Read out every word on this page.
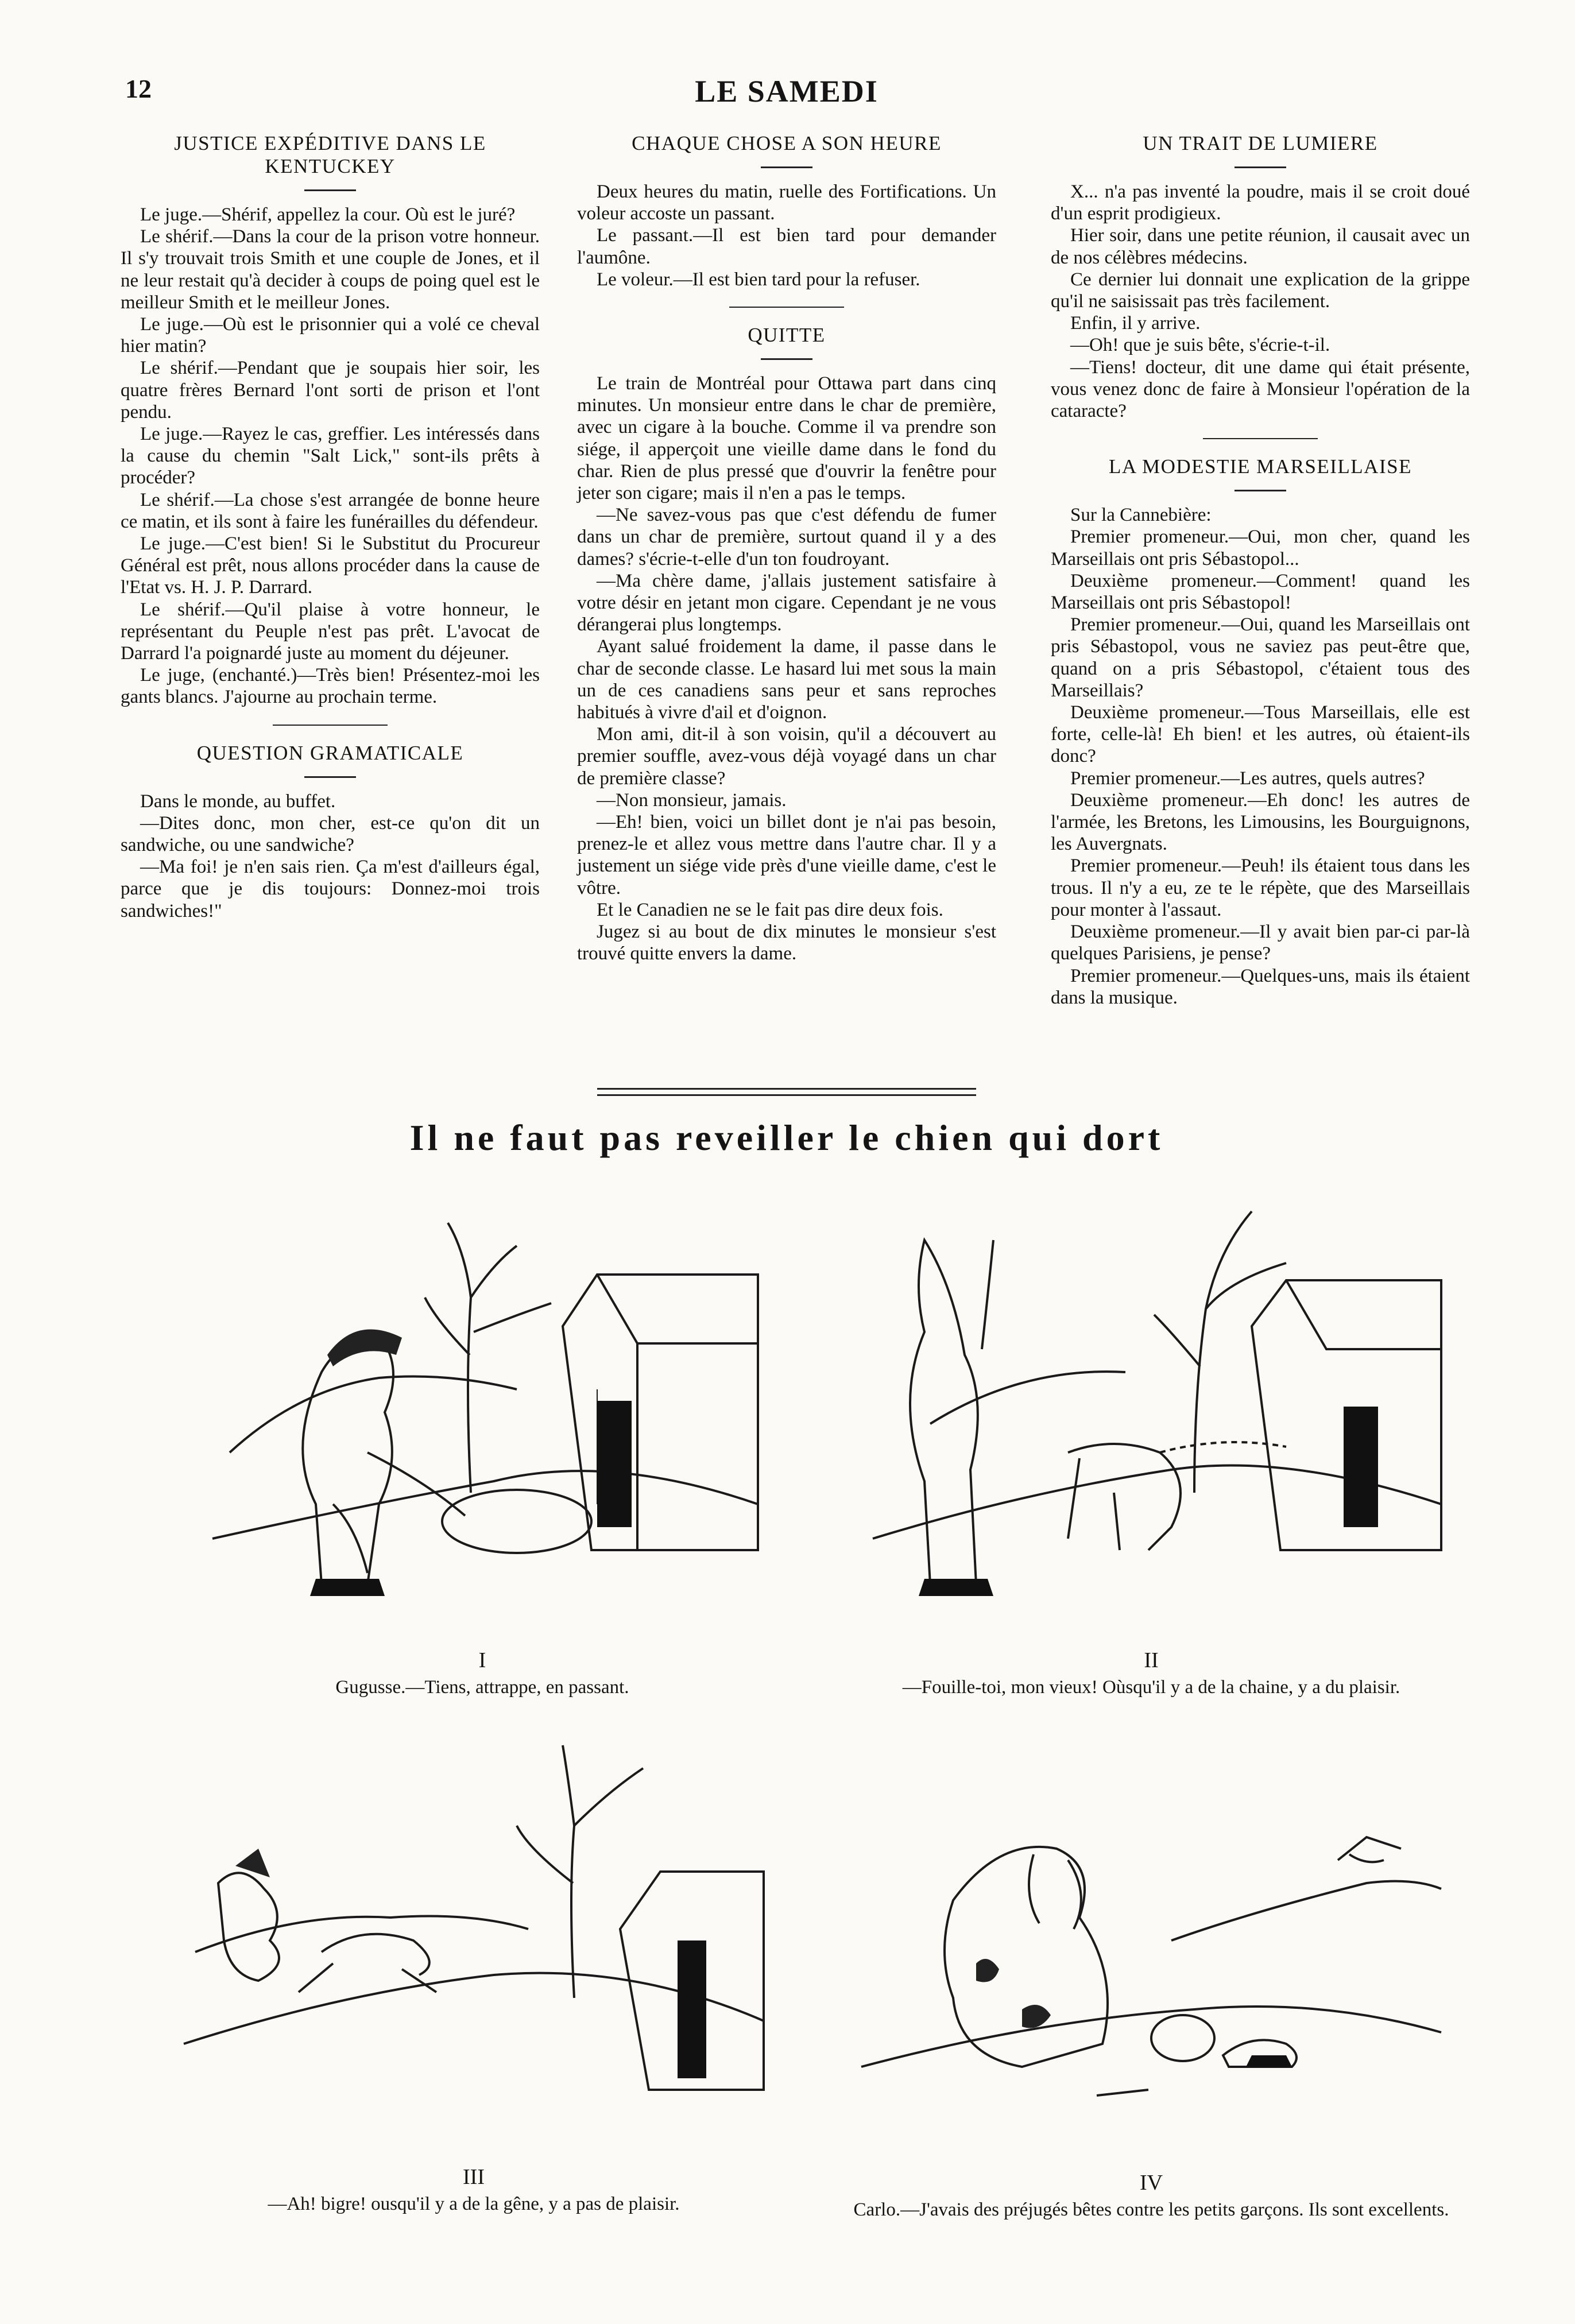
12	LE SAMEDI
JUSTICE EXPÉDITIVE DANS LE KENTUCKEY

Le juge.—Shérif, appellez la cour. Où est le juré?

Le shérif.—Dans la cour de la prison votre honneur. Il s'y trouvait trois Smith et une couple de Jones, et il ne leur restait qu'à decider à coups de poing quel est le meilleur Smith et le meilleur Jones.

Le juge.—Où est le prisonnier qui a volé ce cheval hier matin?

Le shérif.—Pendant que je soupais hier soir, les quatre frères Bernard l'ont sorti de prison et l'ont pendu.

Le juge.—Rayez le cas, greffier. Les intéressés dans la cause du chemin "Salt Lick," sont-ils prêts à procéder?

Le shérif.—La chose s'est arrangée de bonne heure ce matin, et ils sont à faire les funérailles du défendeur.

Le juge.—C'est bien! Si le Substitut du Procureur Général est prêt, nous allons procéder dans la cause de l'Etat vs. H. J. P. Darrard.

Le shérif.—Qu'il plaise à votre honneur, le représentant du Peuple n'est pas prêt. L'avocat de Darrard l'a poignardé juste au moment du déjeuner.

Le juge, (enchanté.)—Très bien! Présentez-moi les gants blancs. J'ajourne au prochain terme.

QUESTION GRAMATICALE

Dans le monde, au buffet.

—Dites donc, mon cher, est-ce qu'on dit un sandwiche, ou une sandwiche?

—Ma foi! je n'en sais rien. Ça m'est d'ailleurs égal, parce que je dis toujours: Donnez-moi trois sandwiches!"

CHAQUE CHOSE A SON HEURE

Deux heures du matin, ruelle des Fortifications. Un voleur accoste un passant.

Le passant.—Il est bien tard pour demander l'aumône.

Le voleur.—Il est bien tard pour la refuser.

QUITTE

Le train de Montréal pour Ottawa part dans cinq minutes. Un monsieur entre dans le char de première, avec un cigare à la bouche. Comme il va prendre son siége, il apperçoit une vieille dame dans le fond du char. Rien de plus pressé que d'ouvrir la fenêtre pour jeter son cigare; mais il n'en a pas le temps.

—Ne savez-vous pas que c'est défendu de fumer dans un char de première, surtout quand il y a des dames? s'écrie-t-elle d'un ton foudroyant.

—Ma chère dame, j'allais justement satisfaire à votre désir en jetant mon cigare. Cependant je ne vous dérangerai plus longtemps.

Ayant salué froidement la dame, il passe dans le char de seconde classe. Le hasard lui met sous la main un de ces canadiens sans peur et sans reproches habitués à vivre d'ail et d'oignon.

Mon ami, dit-il à son voisin, qu'il a découvert au premier souffle, avez-vous déjà voyagé dans un char de première classe?

—Non monsieur, jamais.

—Eh! bien, voici un billet dont je n'ai pas besoin, prenez-le et allez vous mettre dans l'autre char. Il y a justement un siége vide près d'une vieille dame, c'est le vôtre.

Et le Canadien ne se le fait pas dire deux fois.

Jugez si au bout de dix minutes le monsieur s'est trouvé quitte envers la dame.

UN TRAIT DE LUMIERE

X... n'a pas inventé la poudre, mais il se croit doué d'un esprit prodigieux.

Hier soir, dans une petite réunion, il causait avec un de nos célèbres médecins.

Ce dernier lui donnait une explication de la grippe qu'il ne saisissait pas très facilement.

Enfin, il y arrive.

—Oh! que je suis bête, s'écrie-t-il.

—Tiens! docteur, dit une dame qui était présente, vous venez donc de faire à Monsieur l'opération de la cataracte?

LA MODESTIE MARSEILLAISE

Sur la Cannebière:

Premier promeneur.—Oui, mon cher, quand les Marseillais ont pris Sébastopol...

Deuxième promeneur.—Comment! quand les Marseillais ont pris Sébastopol!

Premier promeneur.—Oui, quand les Marseillais ont pris Sébastopol, vous ne saviez pas peut-être que, quand on a pris Sébastopol, c'étaient tous des Marseillais?

Deuxième promeneur.—Tous Marseillais, elle est forte, celle-là! Eh bien! et les autres, où étaient-ils donc?

Premier promeneur.—Les autres, quels autres?

Deuxième promeneur.—Eh donc! les autres de l'armée, les Bretons, les Limousins, les Bourguignons, les Auvergnats.

Premier promeneur.—Peuh! ils étaient tous dans les trous. Il n'y a eu, ze te le répète, que des Marseillais pour monter à l'assaut.

Deuxième promeneur.—Il y avait bien par-ci par-là quelques Parisiens, je pense?

Premier promeneur.—Quelques-uns, mais ils étaient dans la musique.

Il ne faut pas reveiller le chien qui dort
I
Gugusse.—Tiens, attrappe, en passant.
II
—Fouille-toi, mon vieux! Oùsqu'il y a de la chaine, y a du plaisir.
III
—Ah! bigre! ousqu'il y a de la gêne, y a pas de plaisir.
IV
Carlo.—J'avais des préjugés bêtes contre les petits garçons. Ils sont excellents.
